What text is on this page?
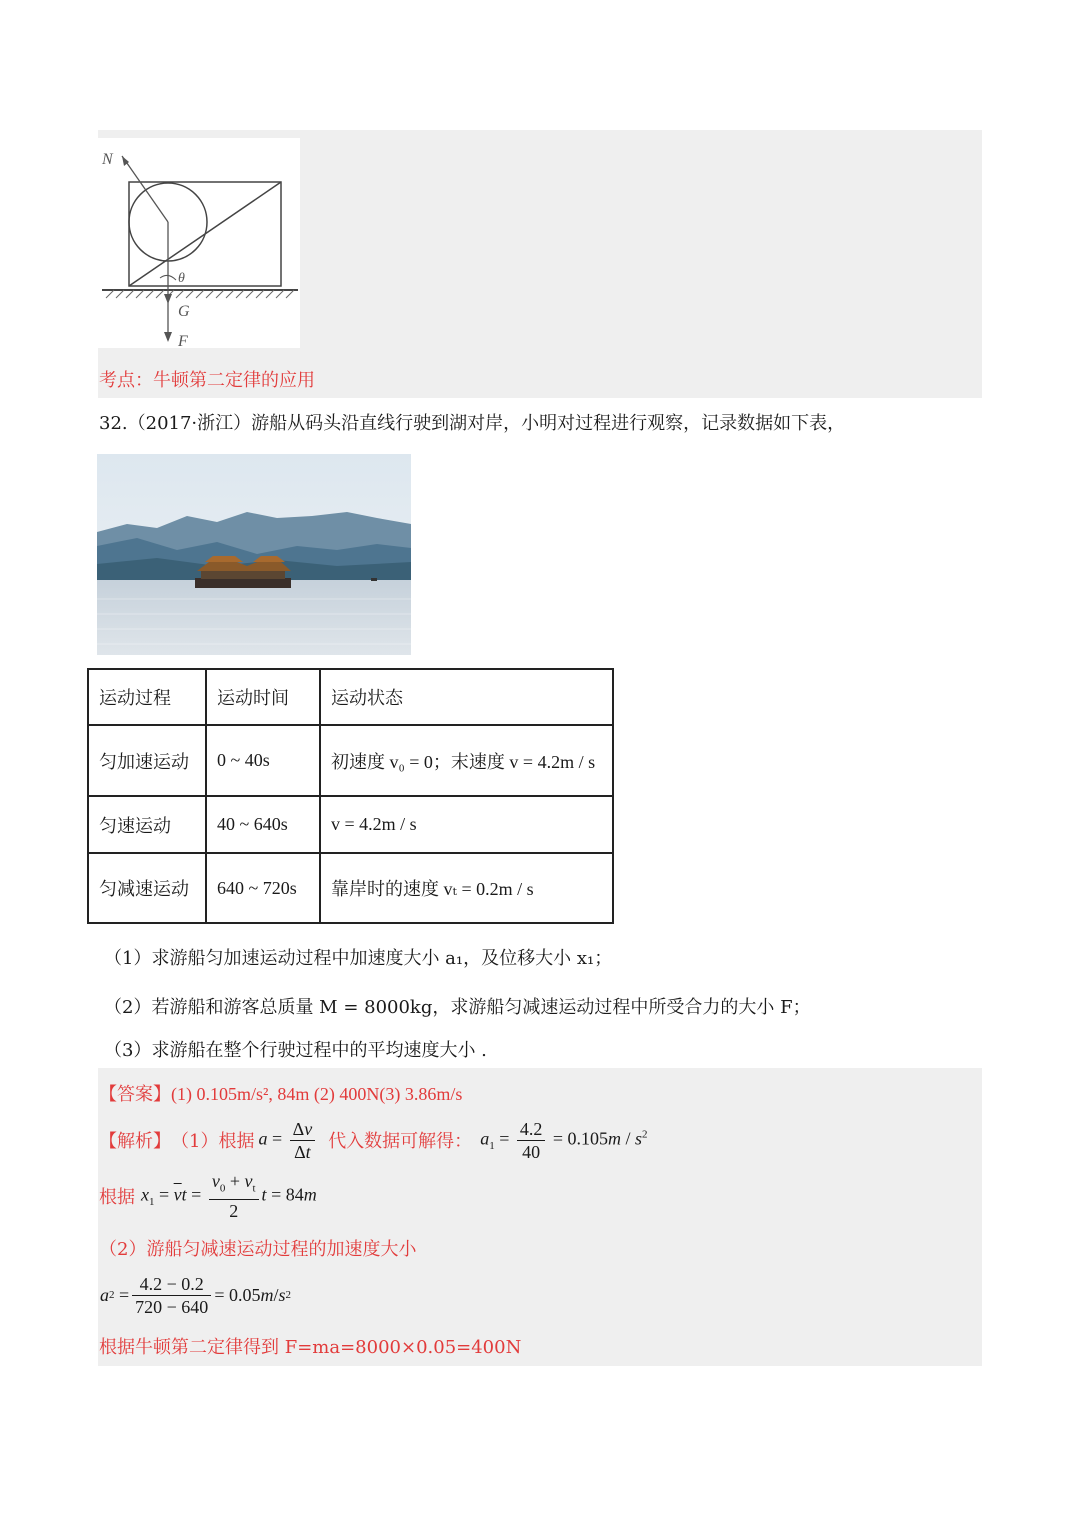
N
θ
G
F
考点：牛顿第二定律的应用
32.（2017·浙江）游船从码头沿直线行驶到湖对岸，小明对过程进行观察，记录数据如下表，
运动过程	运动时间	运动状态
匀加速运动	0 ~ 40s	初速度 v₀ = 0；末速度 v = 4.2m / s
匀速运动	40 ~ 640s	v = 4.2m / s
匀减速运动	640 ~ 720s	靠岸时的速度 vₜ = 0.2m / s
（1）求游船匀加速运动过程中加速度大小 a₁，及位移大小 x₁；
（2）若游船和游客总质量 M = 8000kg，求游船匀减速运动过程中所受合力的大小 F；
（3）求游船在整个行驶过程中的平均速度大小 .
【答案】(1) 0.105m/s², 84m (2) 400N(3) 3.86m/s
【解析】 （1）根据 $a = \frac{\Delta v}{\Delta t}$ 代入数据可解得： $a_1 = \frac{4.2}{40} = 0.105m / s^2$
根据 $x_1 = \overline{v}t = \frac{v_0 + v_t}{2}$ t = 84m
（2）游船匀减速运动过程的加速度大小
a $2 = \frac{4.2 - 0.2}{720 - 640} = 0.05$ m / s 2
根据牛顿第二定律得到 F=ma=8000×0.05=400N
